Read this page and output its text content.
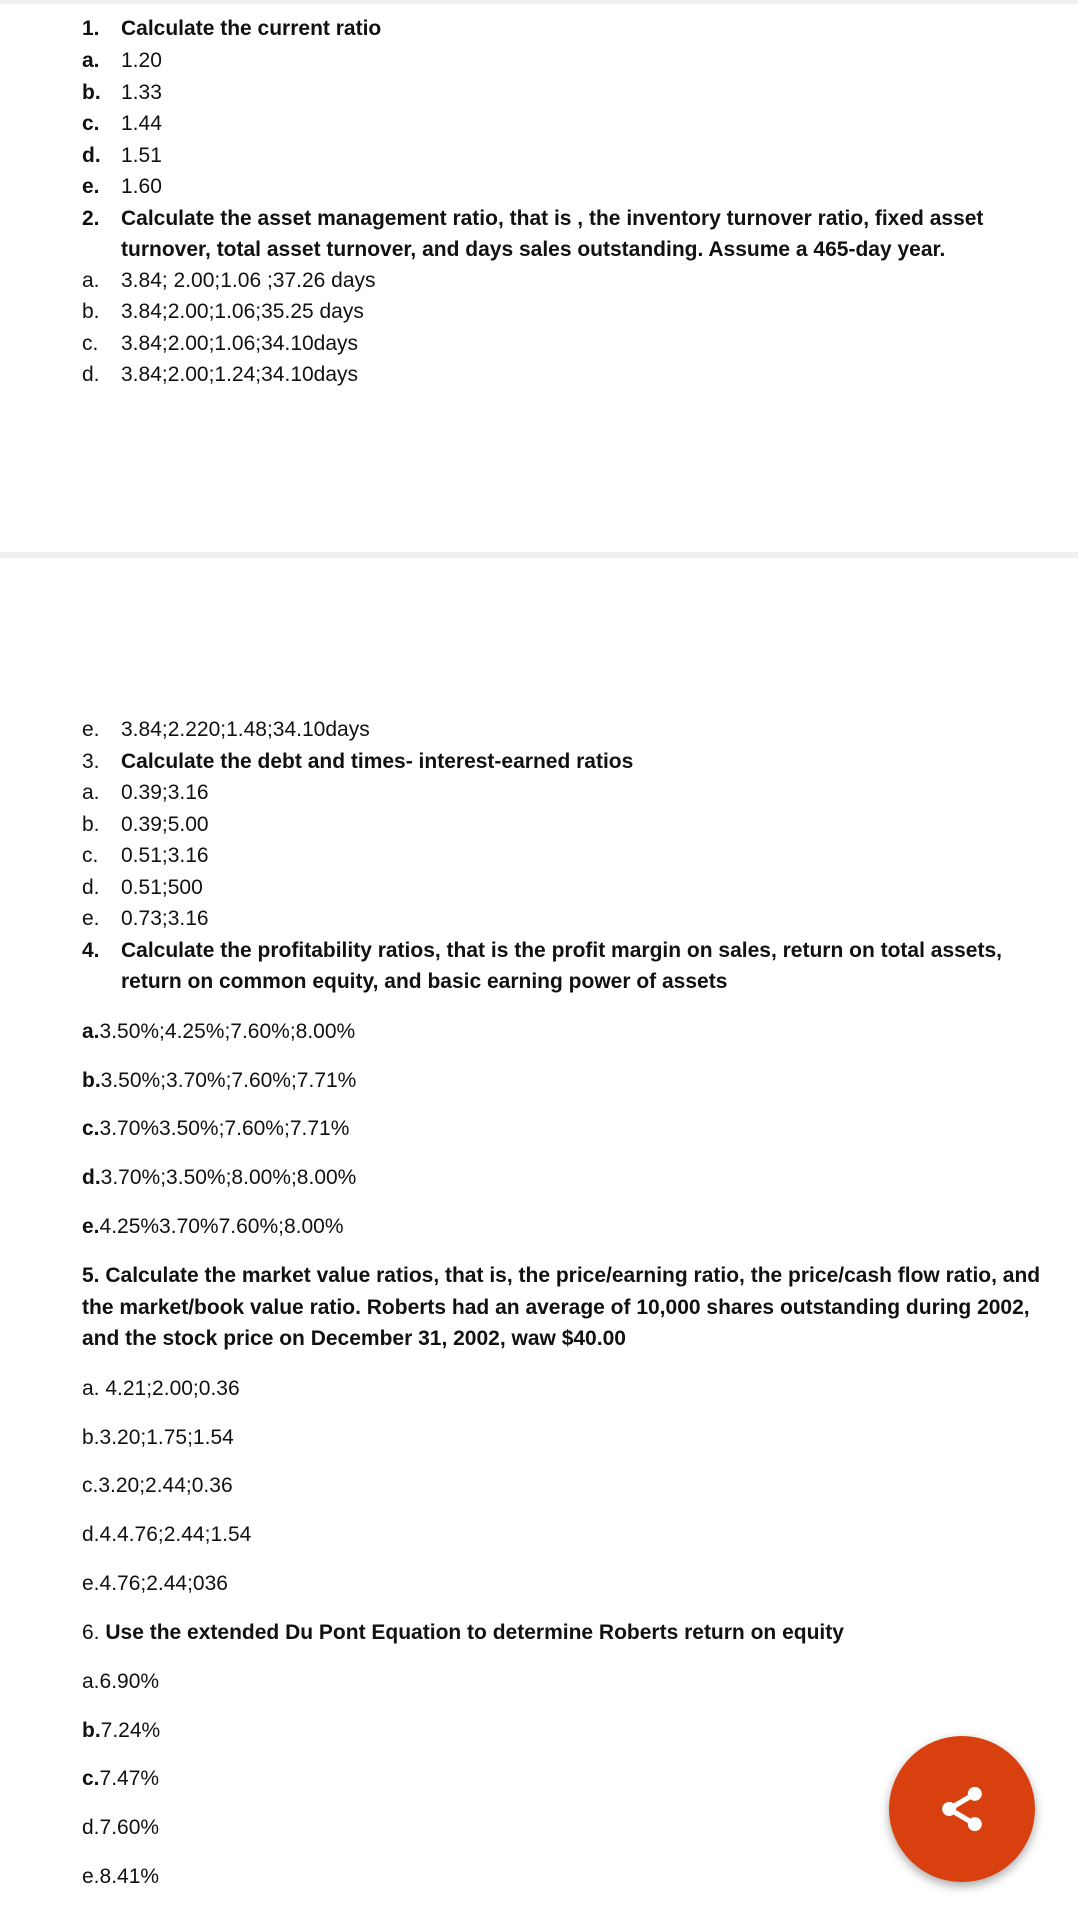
1. Calculate the current ratio
a. 1.20
b. 1.33
c. 1.44
d. 1.51
e. 1.60
2. Calculate the asset management ratio, that is , the inventory turnover ratio, fixed asset
turnover, total asset turnover, and days sales outstanding. Assume a 465-day year.
a. 3.84; 2.00;1.06 ;37.26 days
b. 3.84;2.00;1.06;35.25 days
c. 3.84;2.00;1.06;34.10days
d. 3.84;2.00;1.24;34.10days
e. 3.84;2.220;1.48;34.10days
3. Calculate the debt and times- interest-earned ratios
a. 0.39;3.16
b. 0.39;5.00
c. 0.51;3.16
d. 0.51;500
e. 0.73;3.16
4. Calculate the profitability ratios, that is the profit margin on sales, return on total assets,
return on common equity, and basic earning power of assets
a.3.50%;4.25%;7.60%;8.00%
b.3.50%;3.70%;7.60%;7.71%
c.3.70%3.50%;7.60%;7.71%
d.3.70%;3.50%;8.00%;8.00%
e.4.25%3.70%7.60%;8.00%
5. Calculate the market value ratios, that is, the price/earning ratio, the price/cash flow ratio, and
the market/book value ratio. Roberts had an average of 10,000 shares outstanding during 2002,
and the stock price on December 31, 2002, waw $40.00
a. 4.21;2.00;0.36
b.3.20;1.75;1.54
c.3.20;2.44;0.36
d.4.4.76;2.44;1.54
e.4.76;2.44;036
6. Use the extended Du Pont Equation to determine Roberts return on equity
a.6.90%
b.7.24%
c.7.47%
d.7.60%
e.8.41%
